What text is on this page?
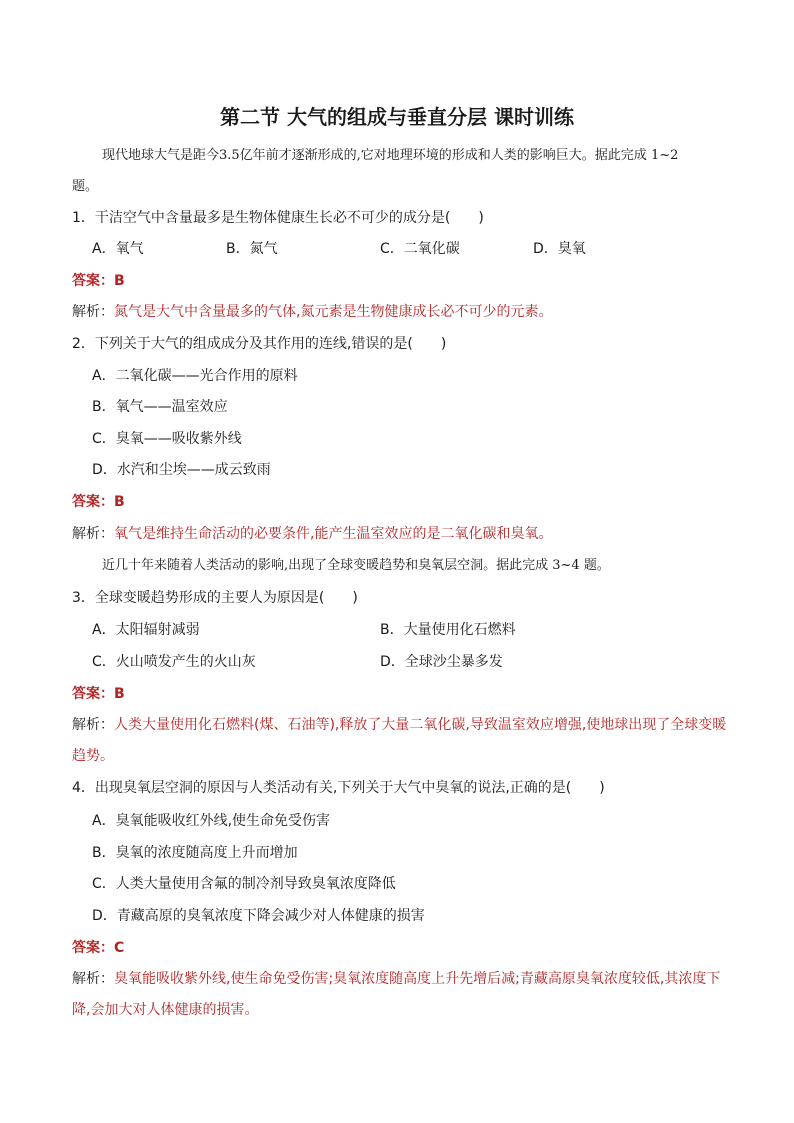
第二节 大气的组成与垂直分层 课时训练
现代地球大气是距今3.5亿年前才逐渐形成的,它对地理环境的形成和人类的影响巨大。据此完成 1~2
题。
1．干洁空气中含量最多是生物体健康生长必不可少的成分是(　　)
A．氧气	B．氮气	C．二氧化碳	D．臭氧
答案：B
解析：氮气是大气中含量最多的气体,氮元素是生物健康成长必不可少的元素。
2．下列关于大气的组成成分及其作用的连线,错误的是(　　)
A．二氧化碳——光合作用的原料
B．氧气——温室效应
C．臭氧——吸收紫外线
D．水汽和尘埃——成云致雨
答案：B
解析：氧气是维持生命活动的必要条件,能产生温室效应的是二氧化碳和臭氧。
近几十年来随着人类活动的影响,出现了全球变暖趋势和臭氧层空洞。据此完成 3~4 题。
3．全球变暖趋势形成的主要人为原因是(　　)
A．太阳辐射减弱	B．大量使用化石燃料
C．火山喷发产生的火山灰	D．全球沙尘暴多发
答案：B
解析：人类大量使用化石燃料(煤、石油等),释放了大量二氧化碳,导致温室效应增强,使地球出现了全球变暖
趋势。
4．出现臭氧层空洞的原因与人类活动有关,下列关于大气中臭氧的说法,正确的是(　　)
A．臭氧能吸收红外线,使生命免受伤害
B．臭氧的浓度随高度上升而增加
C．人类大量使用含氟的制冷剂导致臭氧浓度降低
D．青藏高原的臭氧浓度下降会减少对人体健康的损害
答案：C
解析：臭氧能吸收紫外线,使生命免受伤害;臭氧浓度随高度上升先增后减;青藏高原臭氧浓度较低,其浓度下
降,会加大对人体健康的损害。
